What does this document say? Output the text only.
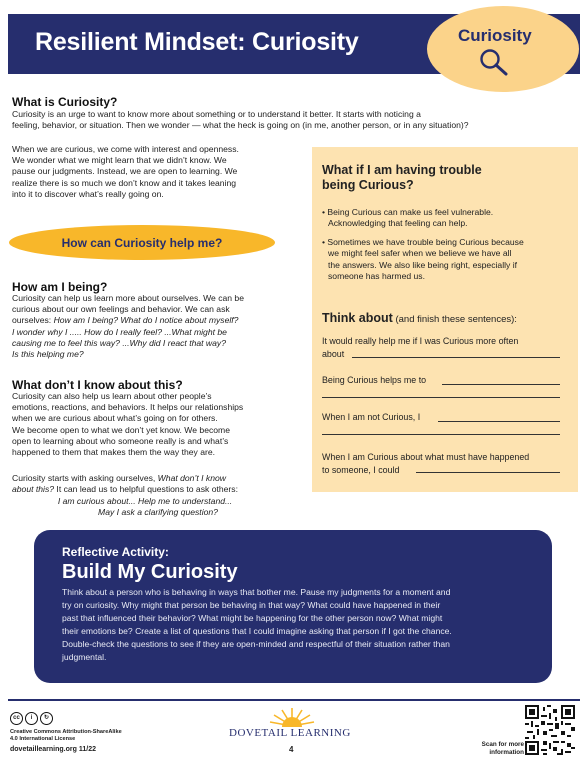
Resilient Mindset: Curiosity	Curiosity
What is Curiosity?
Curiosity is an urge to want to know more about something or to understand it better. It starts with noticing a
feeling, behavior, or situation. Then we wonder — what the heck is going on (in me, another person, or in any situation)?
When we are curious, we come with interest and openness.
We wonder what we might learn that we didn’t know. We
pause our judgments. Instead, we are open to learning. We
realize there is so much we don’t know and it takes leaning
into it to discover what’s really going on.
How can Curiosity help me?
How am I being?
Curiosity can help us learn more about ourselves. We can be
curious about our own feelings and behavior. We can ask
ourselves: How am I being? What do I notice about myself?
I wonder why I ..... How do I really feel? ...What might be
causing me to feel this way? ...Why did I react that way?
Is this helping me?
What don’t I know about this?
Curiosity can also help us learn about other people’s
emotions, reactions, and behaviors. It helps our relationships
when we are curious about what’s going on for others.
We become open to what we don’t yet know. We become
open to learning about who someone really is and what’s
happened to them that makes them the way they are.
Curiosity starts with asking ourselves, What don’t I know
about this? It can lead us to helpful questions to ask others:
I am curious about... Help me to understand...
May I ask a clarifying question?
What if I am having trouble
being Curious?
• Being Curious can make us feel vulnerable.
Acknowledging that feeling can help.
• Sometimes we have trouble being Curious because
we might feel safer when we believe we have all
the answers. We also like being right, especially if
someone has harmed us.
Think about (and finish these sentences):
It would really help me if I was Curious more often
about
Being Curious helps me to
When I am not Curious, I
When I am Curious about what must have happened
to someone, I could
Reflective Activity:
Build My Curiosity
Think about a person who is behaving in ways that bother me. Pause my judgments for a moment and
try on curiosity. Why might that person be behaving in that way? What could have happened in their
past that influenced their behavior? What might be happening for the other person now? What might
their emotions be? Create a list of questions that I could imagine asking that person if I got the chance.
Double-check the questions to see if they are open-minded and respectful of their situation rather than
judgmental.
cc	i	↻
Creative Commons Attribution-ShareAlike
4.0 International License
dovetaillearning.org 11/22
DOVETAIL LEARNING
4
Scan for more information
